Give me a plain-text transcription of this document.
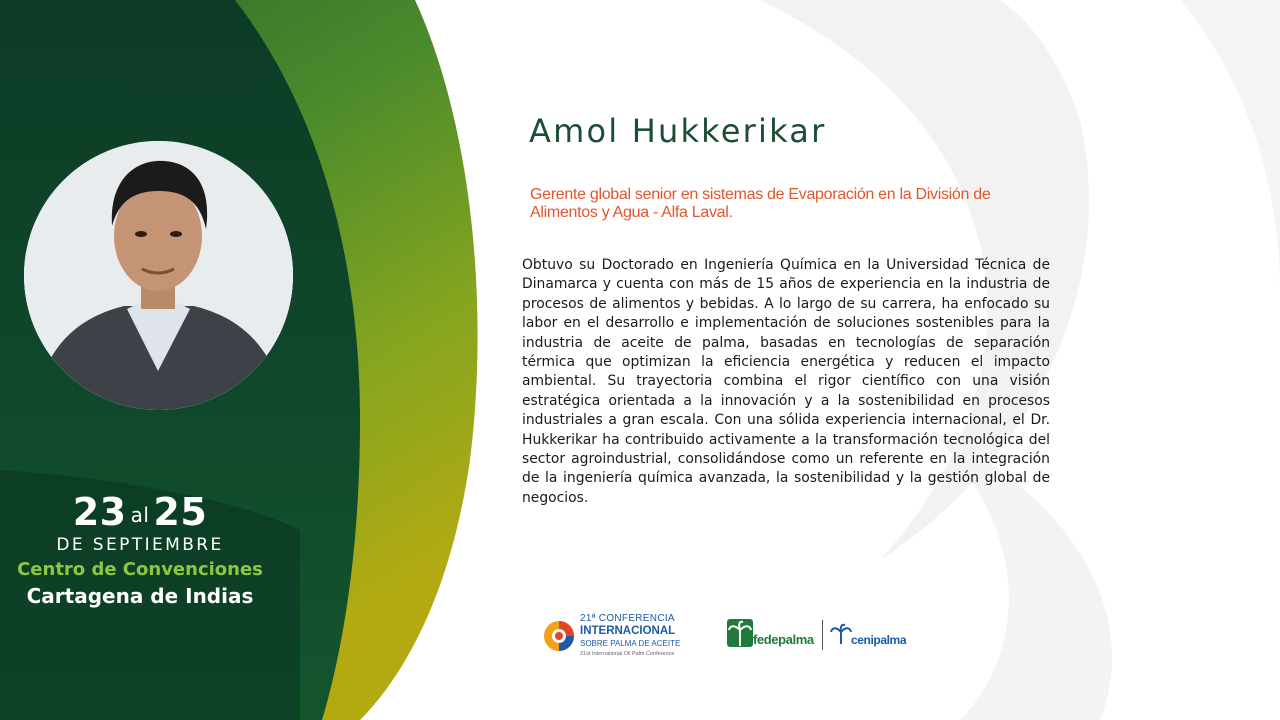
23 al 25
DE SEPTIEMBRE
Centro de Convenciones
Cartagena de Indias
Amol Hukkerikar
Gerente global senior en sistemas de Evaporación en la División de Alimentos y Agua - Alfa Laval.
Obtuvo su Doctorado en Ingeniería Química en la Universidad Técnica de Dinamarca y cuenta con más de 15 años de experiencia en la industria de procesos de alimentos y bebidas. A lo largo de su carrera, ha enfocado su labor en el desarrollo e implementación de soluciones sostenibles para la industria de aceite de palma, basadas en tecnologías de separación térmica que optimizan la eficiencia energética y reducen el impacto ambiental. Su trayectoria combina el rigor científico con una visión estratégica orientada a la innovación y a la sostenibilidad en procesos industriales a gran escala. Con una sólida experiencia internacional, el Dr. Hukkerikar ha contribuido activamente a la transformación tecnológica del sector agroindustrial, consolidándose como un referente en la integración de la ingeniería química avanzada, la sostenibilidad y la gestión global de negocios.
21ª CONFERENCIA
INTERNACIONAL
SOBRE PALMA DE ACEITE
21st International Oil Palm Conference
fedepalma	cenipalma
